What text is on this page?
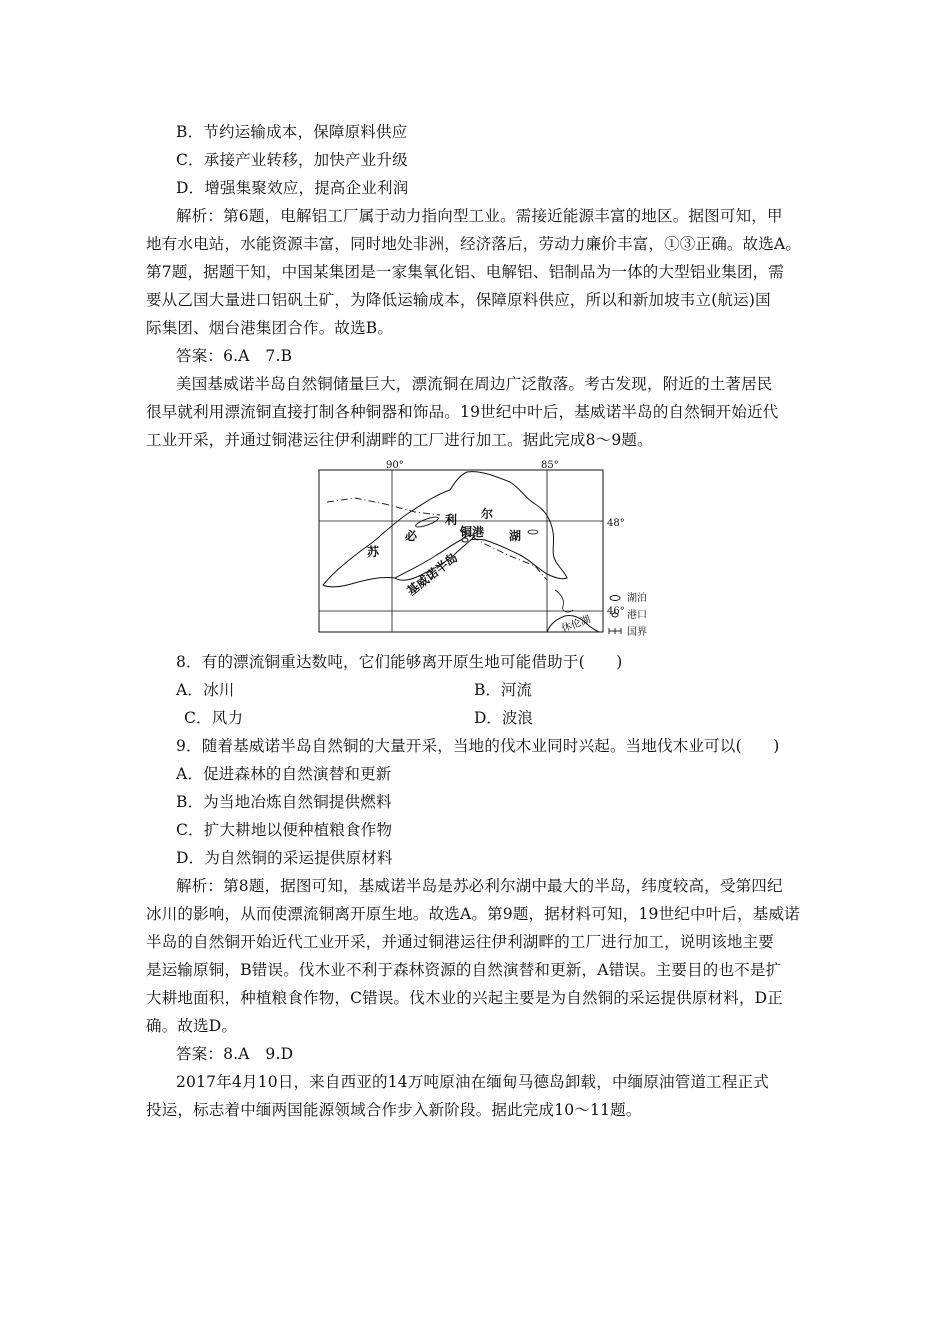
B．节约运输成本，保障原料供应
C．承接产业转移，加快产业升级
D．增强集聚效应，提高企业利润
解析：第6题，电解铝工厂属于动力指向型工业。需接近能源丰富的地区。据图可知，甲
地有水电站，水能资源丰富，同时地处非洲，经济落后，劳动力廉价丰富，①③正确。故选A。
第7题，据题干知，中国某集团是一家集氧化铝、电解铝、铝制品为一体的大型铝业集团，需
要从乙国大量进口铝矾土矿，为降低运输成本，保障原料供应，所以和新加坡韦立(航运)国
际集团、烟台港集团合作。故选B。
答案：6.A　7.B
美国基威诺半岛自然铜储量巨大，漂流铜在周边广泛散落。考古发现，附近的土著居民
很早就利用漂流铜直接打制各种铜器和饰品。19世纪中叶后，基威诺半岛的自然铜开始近代
工业开采，并通过铜港运往伊利湖畔的工厂进行加工。据此完成8～9题。
90°	85°
48°
46°
苏
必
利 尔
湖
铜港
基威诺半岛
休伦湖
湖泊
港口
国界
8．有的漂流铜重达数吨，它们能够离开原生地可能借助于(　　)
A．冰川	B．河流
C．风力	D．波浪
9．随着基威诺半岛自然铜的大量开采，当地的伐木业同时兴起。当地伐木业可以(　　)
A．促进森林的自然演替和更新
B．为当地冶炼自然铜提供燃料
C．扩大耕地以便种植粮食作物
D．为自然铜的采运提供原材料
解析：第8题，据图可知，基威诺半岛是苏必利尔湖中最大的半岛，纬度较高，受第四纪
冰川的影响，从而使漂流铜离开原生地。故选A。第9题，据材料可知，19世纪中叶后，基威诺
半岛的自然铜开始近代工业开采，并通过铜港运往伊利湖畔的工厂进行加工，说明该地主要
是运输原铜，B错误。伐木业不利于森林资源的自然演替和更新，A错误。主要目的也不是扩
大耕地面积，种植粮食作物，C错误。伐木业的兴起主要是为自然铜的采运提供原材料，D正
确。故选D。
答案：8.A　9.D
2017年4月10日，来自西亚的14万吨原油在缅甸马德岛卸载，中缅原油管道工程正式
投运，标志着中缅两国能源领域合作步入新阶段。据此完成10～11题。
